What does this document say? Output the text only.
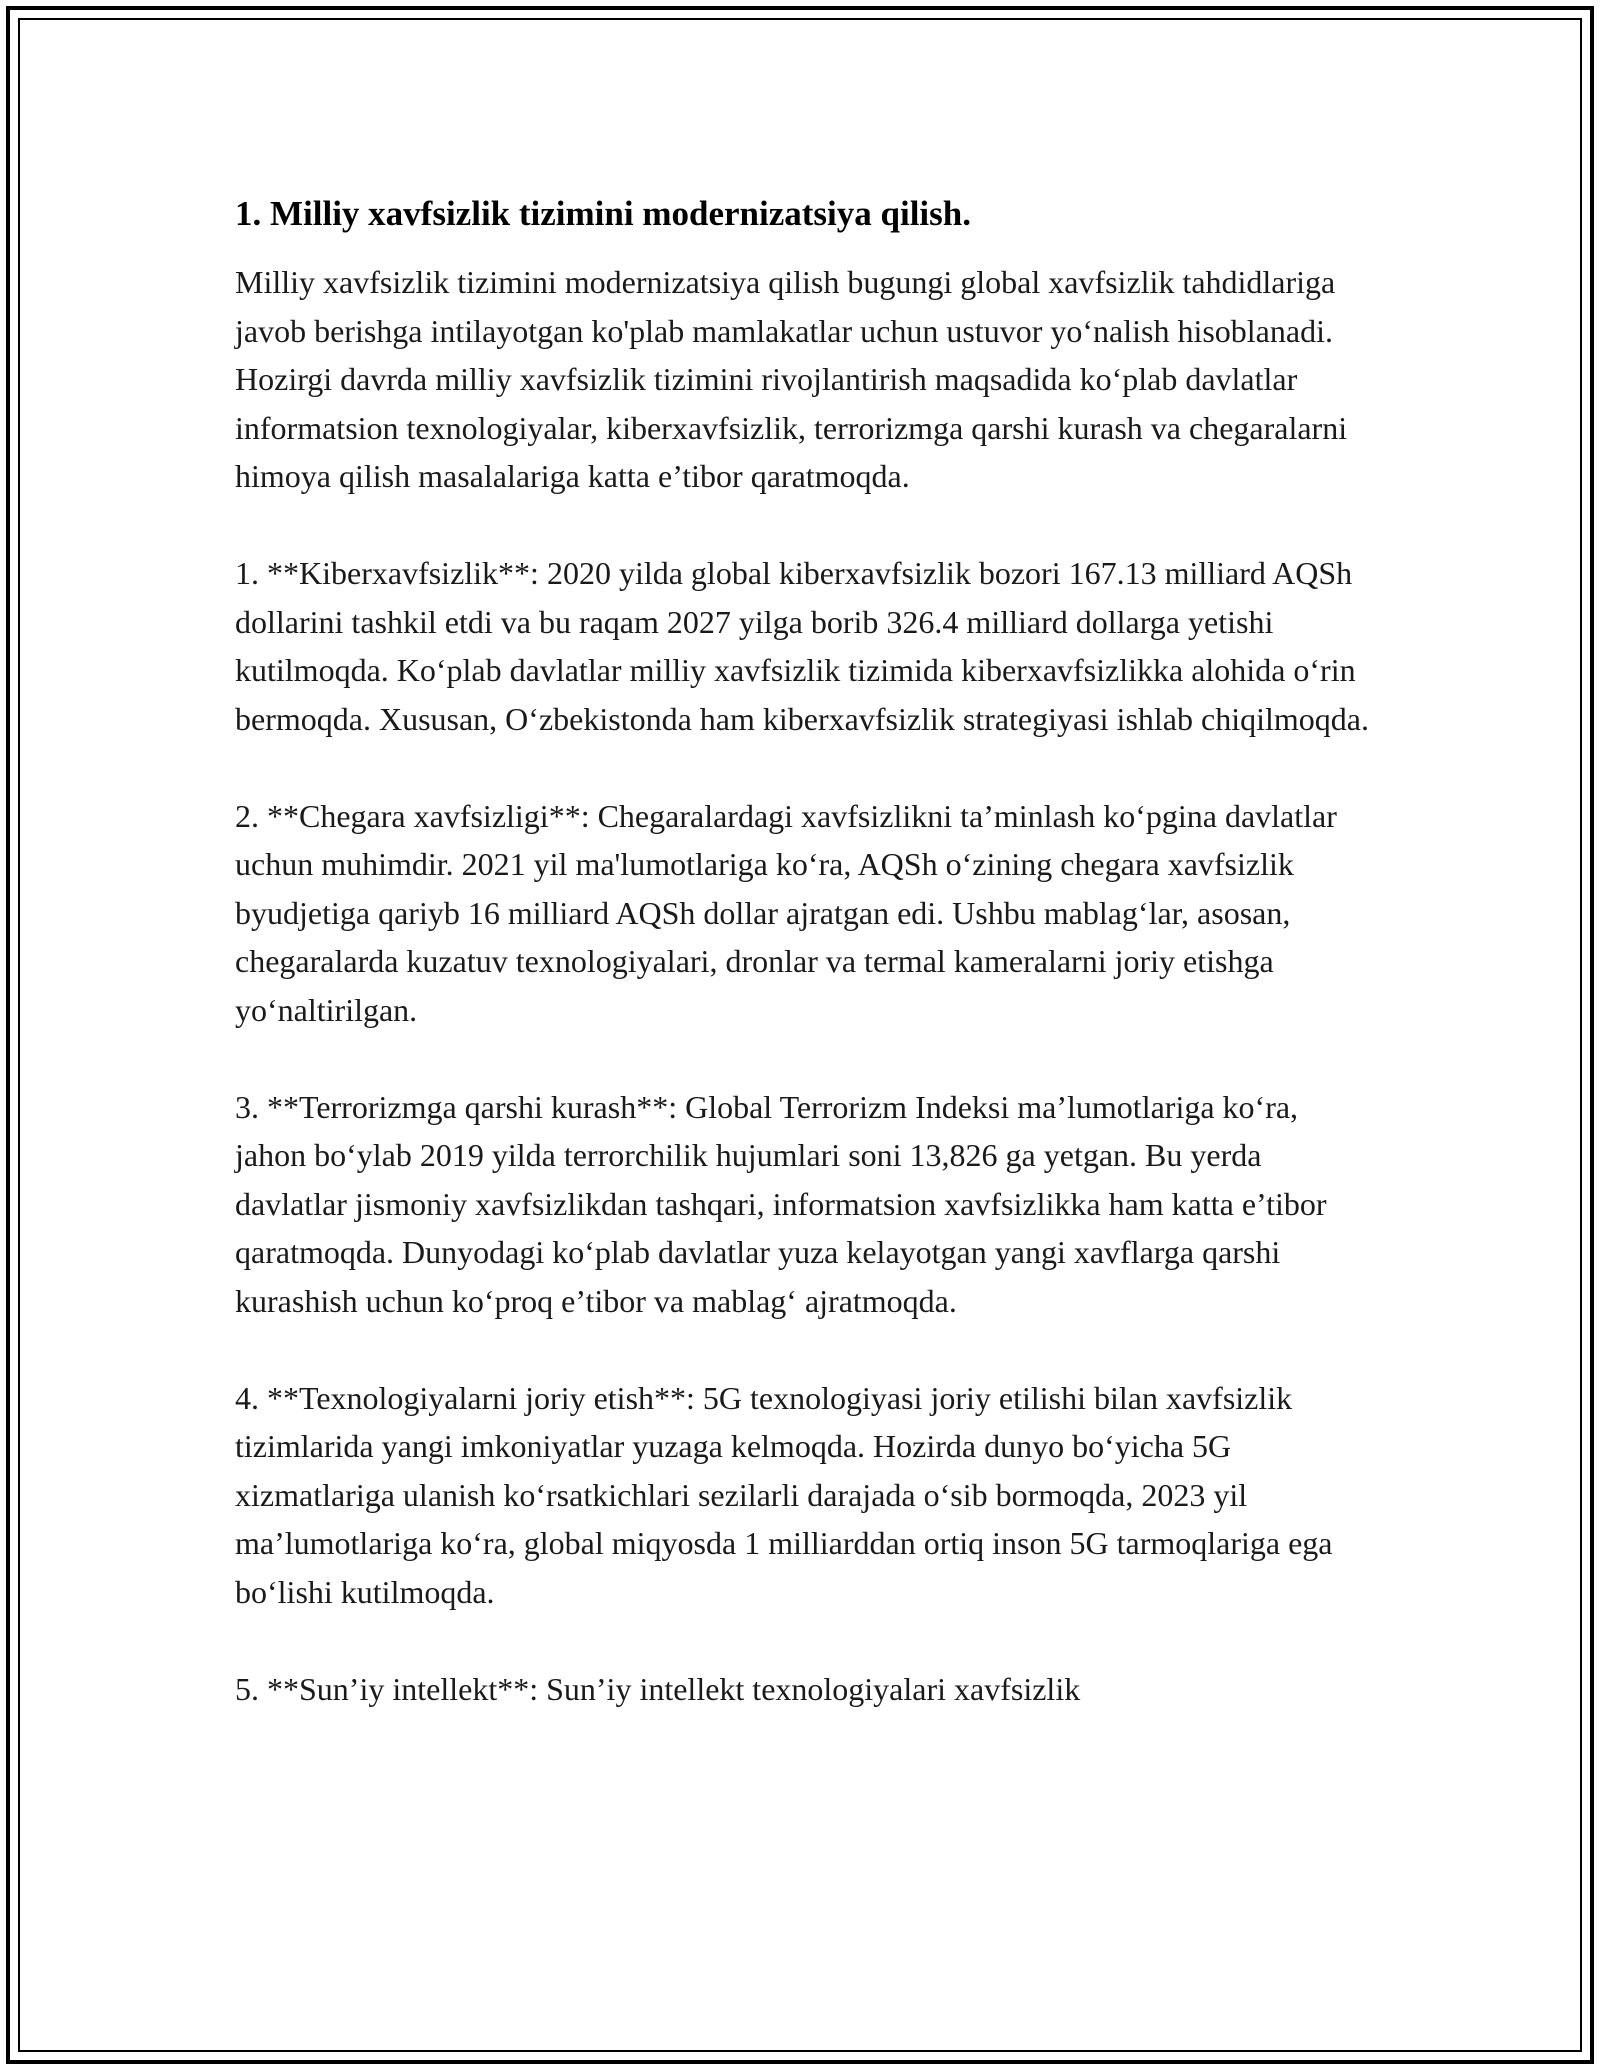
1. Milliy xavfsizlik tizimini modernizatsiya qilish.

Milliy xavfsizlik tizimini modernizatsiya qilish bugungi global xavfsizlik tahdidlariga javob berishga intilayotgan ko'plab mamlakatlar uchun ustuvor yo‘nalish hisoblanadi. Hozirgi davrda milliy xavfsizlik tizimini rivojlantirish maqsadida ko‘plab davlatlar informatsion texnologiyalar, kiberxavfsizlik, terrorizmga qarshi kurash va chegaralarni himoya qilish masalalariga katta e’tibor qaratmoqda.

1. **Kiberxavfsizlik**: 2020 yilda global kiberxavfsizlik bozori 167.13 milliard AQSh dollarini tashkil etdi va bu raqam 2027 yilga borib 326.4 milliard dollarga yetishi kutilmoqda. Ko‘plab davlatlar milliy xavfsizlik tizimida kiberxavfsizlikka alohida o‘rin bermoqda. Xususan, O‘zbekistonda ham kiberxavfsizlik strategiyasi ishlab chiqilmoqda.

2. **Chegara xavfsizligi**: Chegaralardagi xavfsizlikni ta’minlash ko‘pgina davlatlar uchun muhimdir. 2021 yil ma'lumotlariga ko‘ra, AQSh o‘zining chegara xavfsizlik byudjetiga qariyb 16 milliard AQSh dollar ajratgan edi. Ushbu mablag‘lar, asosan, chegaralarda kuzatuv texnologiyalari, dronlar va termal kameralarni joriy etishga yo‘naltirilgan.

3. **Terrorizmga qarshi kurash**: Global Terrorizm Indeksi ma’lumotlariga ko‘ra, jahon bo‘ylab 2019 yilda terrorchilik hujumlari soni 13,826 ga yetgan. Bu yerda davlatlar jismoniy xavfsizlikdan tashqari, informatsion xavfsizlikka ham katta e’tibor qaratmoqda. Dunyodagi ko‘plab davlatlar yuza kelayotgan yangi xavflarga qarshi kurashish uchun ko‘proq e’tibor va mablag‘ ajratmoqda.

4. **Texnologiyalarni joriy etish**: 5G texnologiyasi joriy etilishi bilan xavfsizlik tizimlarida yangi imkoniyatlar yuzaga kelmoqda. Hozirda dunyo bo‘yicha 5G xizmatlariga ulanish ko‘rsatkichlari sezilarli darajada o‘sib bormoqda, 2023 yil ma’lumotlariga ko‘ra, global miqyosda 1 milliarddan ortiq inson 5G tarmoqlariga ega bo‘lishi kutilmoqda.

5. **Sun’iy intellekt**: Sun’iy intellekt texnologiyalari xavfsizlik
